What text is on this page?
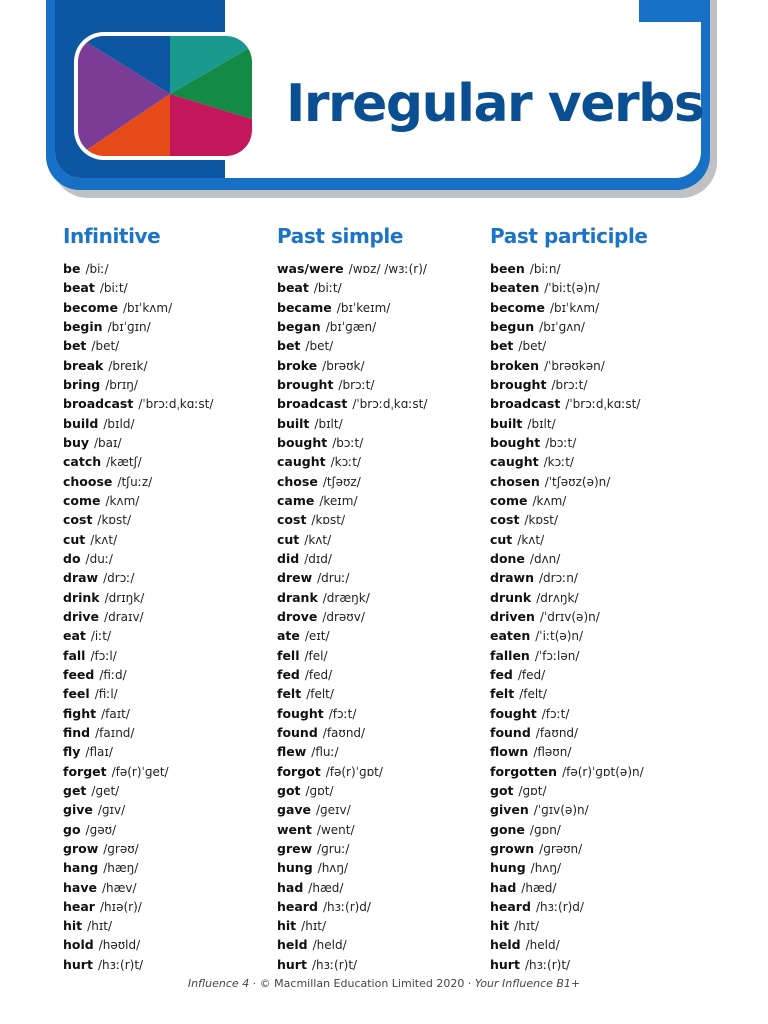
Irregular verbs
Infinitive
be /biː/
beat /biːt/
become /bɪˈkʌm/
begin /bɪˈɡɪn/
bet /bet/
break /breɪk/
bring /brɪŋ/
broadcast /ˈbrɔːdˌkɑːst/
build /bɪld/
buy /baɪ/
catch /kætʃ/
choose /tʃuːz/
come /kʌm/
cost /kɒst/
cut /kʌt/
do /duː/
draw /drɔː/
drink /drɪŋk/
drive /draɪv/
eat /iːt/
fall /fɔːl/
feed /fiːd/
feel /fiːl/
fight /faɪt/
find /faɪnd/
fly /flaɪ/
forget /fə(r)ˈɡet/
get /ɡet/
give /ɡɪv/
go /ɡəʊ/
grow /ɡrəʊ/
hang /hæŋ/
have /hæv/
hear /hɪə(r)/
hit /hɪt/
hold /həʊld/
hurt /hɜː(r)t/
Past simple
was/were /wɒz/ /wɜː(r)/
beat /biːt/
became /bɪˈkeɪm/
began /bɪˈɡæn/
bet /bet/
broke /brəʊk/
brought /brɔːt/
broadcast /ˈbrɔːdˌkɑːst/
built /bɪlt/
bought /bɔːt/
caught /kɔːt/
chose /tʃəʊz/
came /keɪm/
cost /kɒst/
cut /kʌt/
did /dɪd/
drew /druː/
drank /dræŋk/
drove /drəʊv/
ate /eɪt/
fell /fel/
fed /fed/
felt /felt/
fought /fɔːt/
found /faʊnd/
flew /fluː/
forgot /fə(r)ˈɡɒt/
got /ɡɒt/
gave /ɡeɪv/
went /went/
grew /ɡruː/
hung /hʌŋ/
had /hæd/
heard /hɜː(r)d/
hit /hɪt/
held /held/
hurt /hɜː(r)t/
Past participle
been /biːn/
beaten /ˈbiːt(ə)n/
become /bɪˈkʌm/
begun /bɪˈɡʌn/
bet /bet/
broken /ˈbrəʊkən/
brought /brɔːt/
broadcast /ˈbrɔːdˌkɑːst/
built /bɪlt/
bought /bɔːt/
caught /kɔːt/
chosen /ˈtʃəʊz(ə)n/
come /kʌm/
cost /kɒst/
cut /kʌt/
done /dʌn/
drawn /drɔːn/
drunk /drʌŋk/
driven /ˈdrɪv(ə)n/
eaten /ˈiːt(ə)n/
fallen /ˈfɔːlən/
fed /fed/
felt /felt/
fought /fɔːt/
found /faʊnd/
flown /fləʊn/
forgotten /fə(r)ˈɡɒt(ə)n/
got /ɡɒt/
given /ˈɡɪv(ə)n/
gone /ɡɒn/
grown /ɡrəʊn/
hung /hʌŋ/
had /hæd/
heard /hɜː(r)d/
hit /hɪt/
held /held/
hurt /hɜː(r)t/
Influence 4 · © Macmillan Education Limited 2020 · Your Influence B1+
